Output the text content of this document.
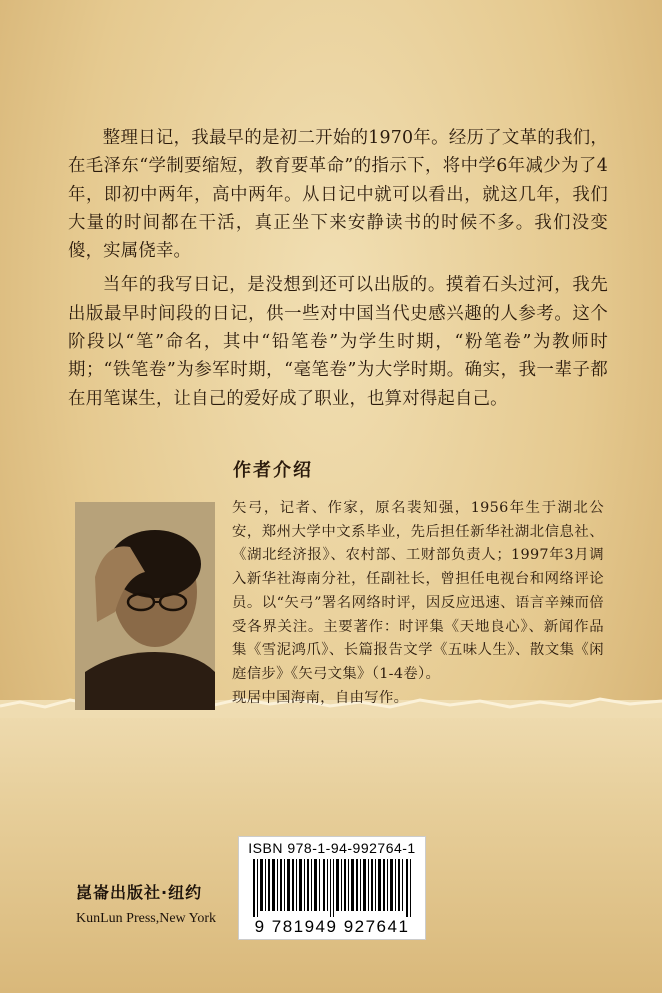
整理日记，我最早的是初二开始的1970年。经历了文革的我们，在毛泽东“学制要缩短，教育要革命”的指示下，将中学6年减少为了4年，即初中两年，高中两年。从日记中就可以看出，就这几年，我们大量的时间都在干活，真正坐下来安静读书的时候不多。我们没变傻，实属侥幸。

当年的我写日记，是没想到还可以出版的。摸着石头过河，我先出版最早时间段的日记，供一些对中国当代史感兴趣的人参考。这个阶段以“笔”命名，其中“铅笔卷”为学生时期，“粉笔卷”为教师时期；“铁笔卷”为参军时期，“毫笔卷”为大学时期。确实，我一辈子都在用笔谋生，让自己的爱好成了职业，也算对得起自己。

作者介绍

矢弓，记者、作家，原名裴知强，1956年生于湖北公安，郑州大学中文系毕业，先后担任新华社湖北信息社、《湖北经济报》、农村部、工财部负责人；1997年3月调入新华社海南分社，任副社长，曾担任电视台和网络评论员。以“矢弓”署名网络时评，因反应迅速、语言辛辣而倍受各界关注。主要著作：时评集《天地良心》、新闻作品集《雪泥鸿爪》、长篇报告文学《五味人生》、散文集《闲庭信步》《矢弓文集》（1-4卷）。

现居中国海南，自由写作。

崑崙出版社·纽约
KunLun Press,New York
ISBN 978-1-94-992764-1
9 781949 927641
